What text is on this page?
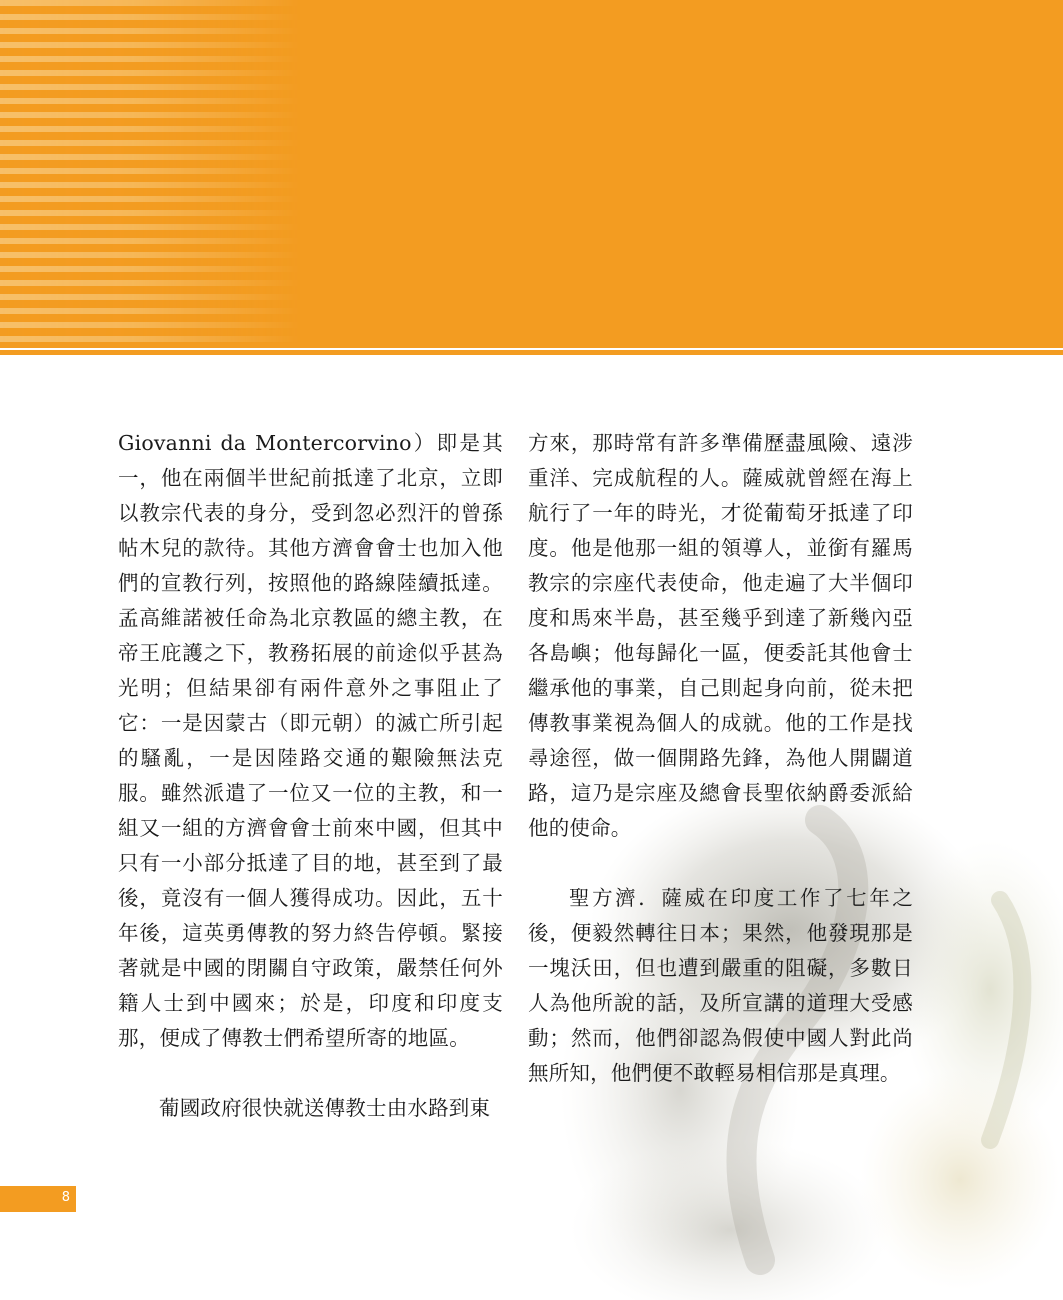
Giovanni da Montercorvino）即是其一，他在兩個半世紀前抵達了北京，立即以教宗代表的身分，受到忽必烈汗的曾孫帖木兒的款待。其他方濟會會士也加入他們的宣教行列，按照他的路線陸續抵達。孟高維諾被任命為北京教區的總主教，在帝王庇護之下，教務拓展的前途似乎甚為光明；但結果卻有兩件意外之事阻止了它：一是因蒙古（即元朝）的滅亡所引起的騷亂，一是因陸路交通的艱險無法克服。雖然派遣了一位又一位的主教，和一組又一組的方濟會會士前來中國，但其中只有一小部分抵達了目的地，甚至到了最後，竟沒有一個人獲得成功。因此，五十年後，這英勇傳教的努力終告停頓。緊接著就是中國的閉關自守政策，嚴禁任何外籍人士到中國來；於是，印度和印度支那，便成了傳教士們希望所寄的地區。

葡國政府很快就送傳教士由水路到東

方來，那時常有許多準備歷盡風險、遠涉重洋、完成航程的人。薩威就曾經在海上航行了一年的時光，才從葡萄牙抵達了印度。他是他那一組的領導人，並銜有羅馬教宗的宗座代表使命，他走遍了大半個印度和馬來半島，甚至幾乎到達了新幾內亞各島嶼；他每歸化一區，便委託其他會士繼承他的事業，自己則起身向前，從未把傳教事業視為個人的成就。他的工作是找尋途徑，做一個開路先鋒，為他人開闢道路，這乃是宗座及總會長聖依納爵委派給他的使命。

聖方濟．薩威在印度工作了七年之後，便毅然轉往日本；果然，他發現那是一塊沃田，但也遭到嚴重的阻礙，多數日人為他所說的話，及所宣講的道理大受感動；然而，他們卻認為假使中國人對此尚無所知，他們便不敢輕易相信那是真理。

8
